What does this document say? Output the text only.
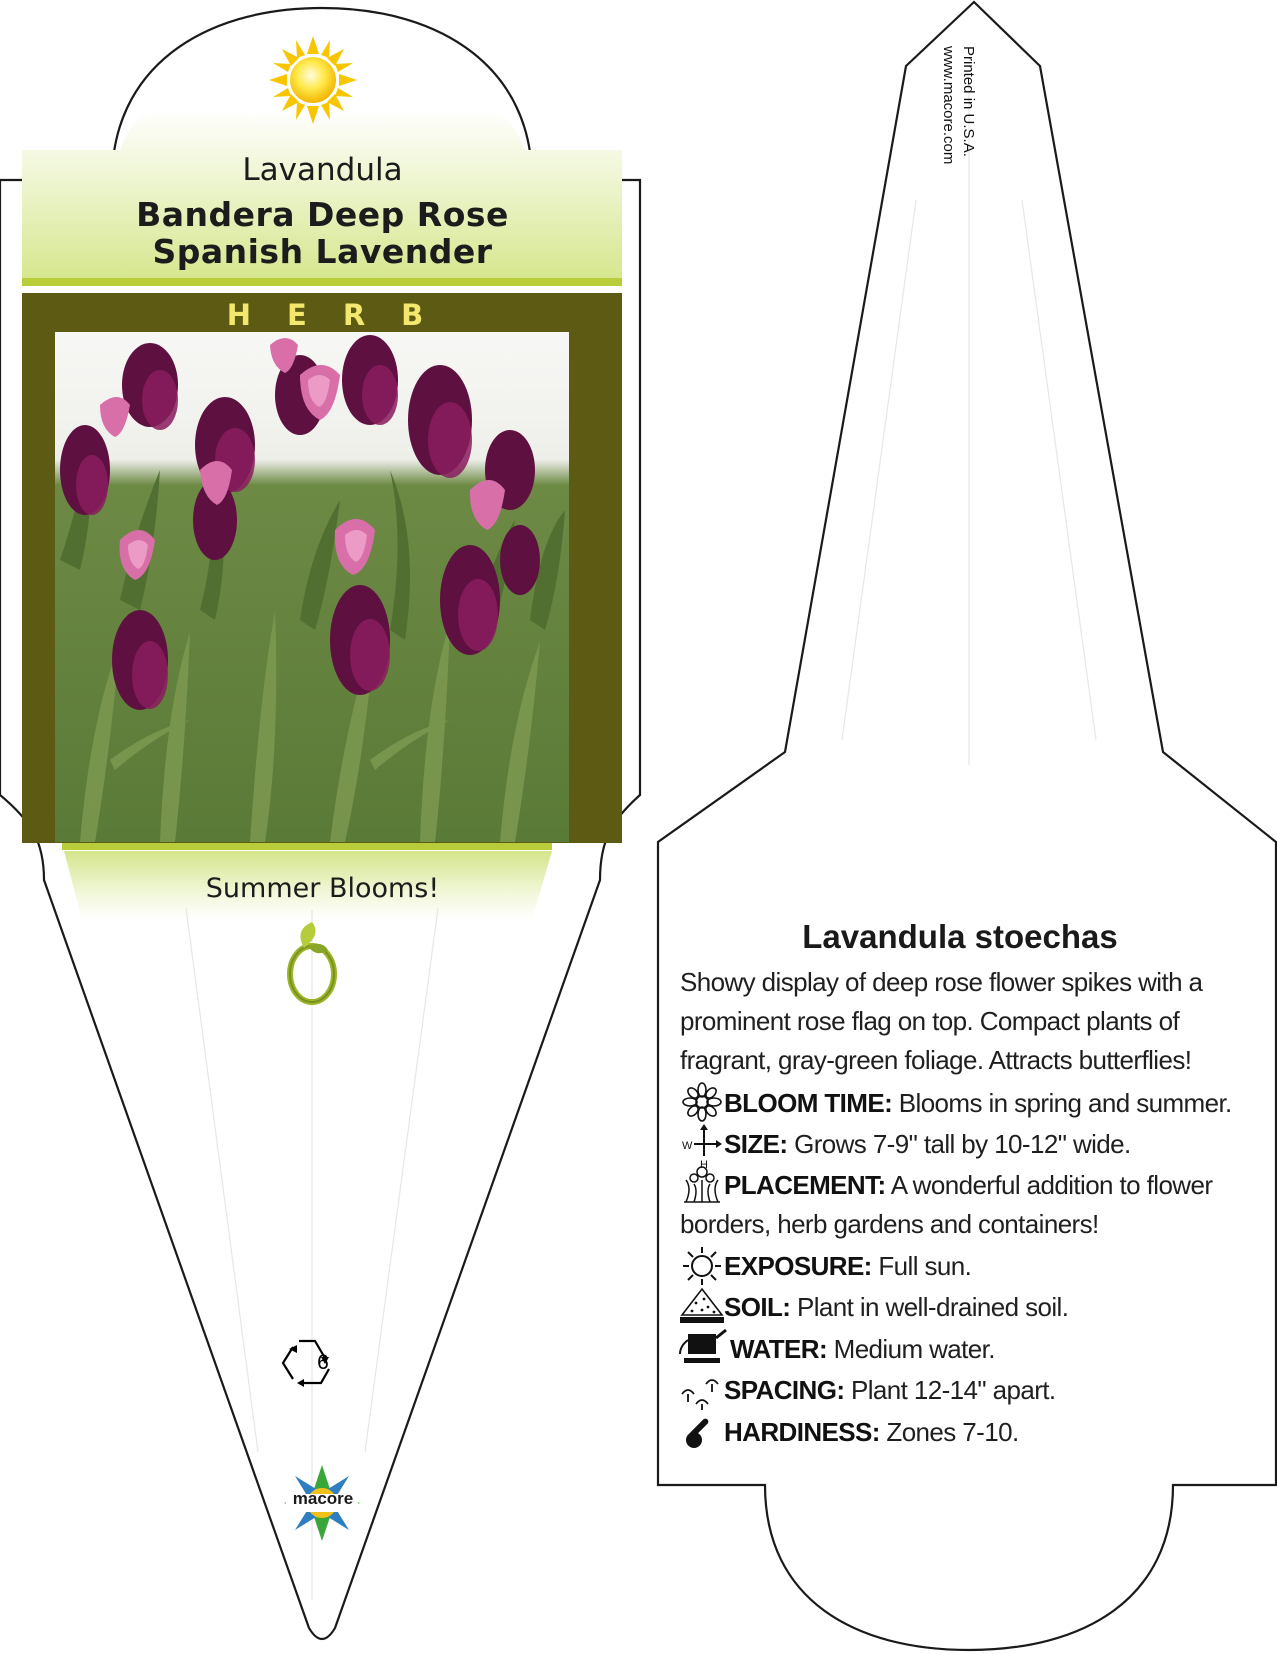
W
H
Lavandula
Bandera Deep Rose
Spanish Lavender
HERB
Summer Blooms!
6
macore
Printed in U.S.A.
www.macore.com
Lavandula stoechas
Showy display of deep rose flower spikes with a prominent rose flag on top. Compact plants of fragrant, gray-green foliage. Attracts butterflies!
BLOOM TIME: Blooms in spring and summer.
SIZE: Grows 7-9" tall by 10-12" wide.
PLACEMENT: A wonderful addition to flower borders, herb gardens and containers!
EXPOSURE: Full sun.
SOIL: Plant in well-drained soil.
WATER: Medium water.
SPACING: Plant 12-14" apart.
HARDINESS: Zones 7-10.
